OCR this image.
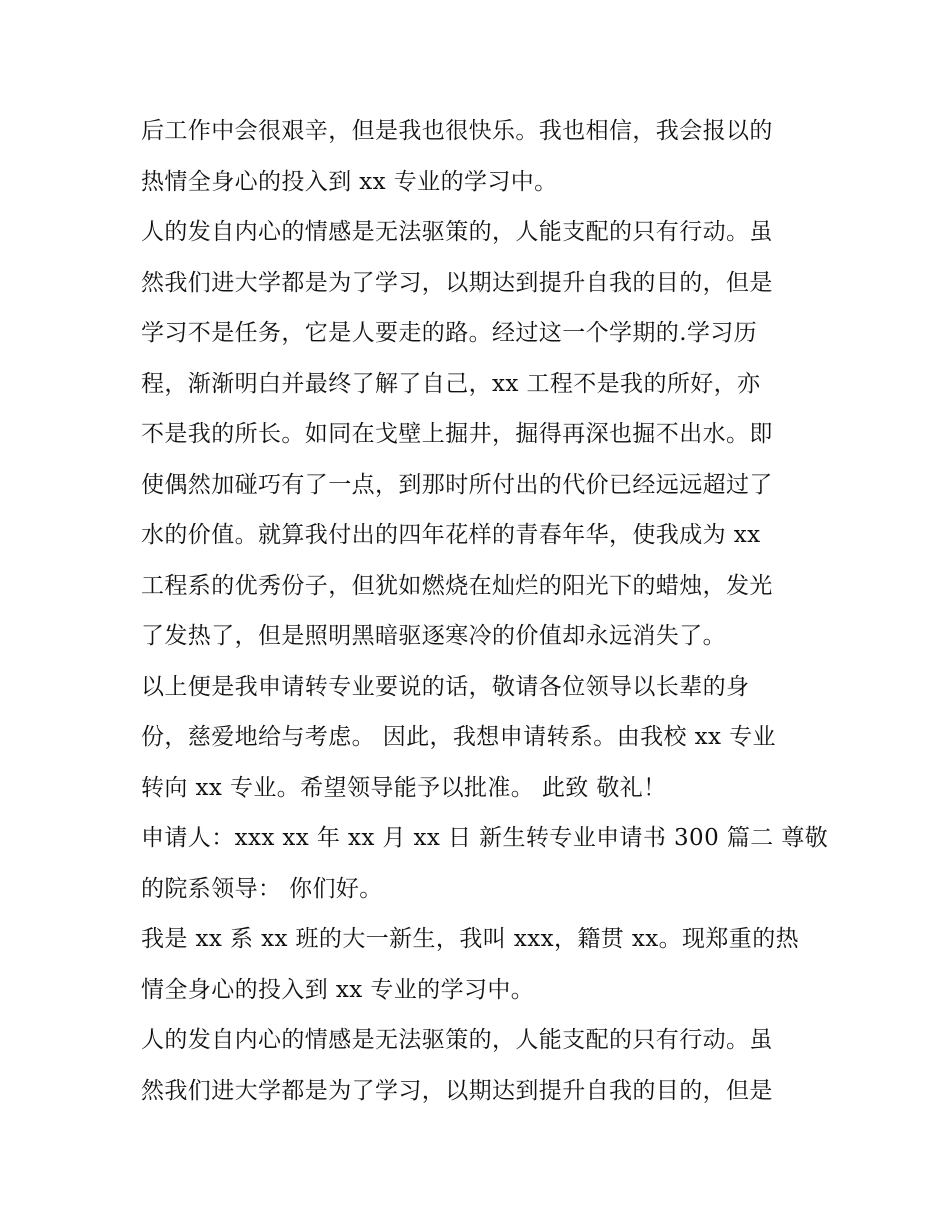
后工作中会很艰辛，但是我也很快乐。我也相信，我会报以的
热情全身心的投入到 xx 专业的学习中。
人的发自内心的情感是无法驱策的，人能支配的只有行动。虽
然我们进大学都是为了学习，以期达到提升自我的目的，但是
学习不是任务，它是人要走的路。经过这一个学期的.学习历
程，渐渐明白并最终了解了自己，xx 工程不是我的所好，亦
不是我的所长。如同在戈壁上掘井，掘得再深也掘不出水。即
使偶然加碰巧有了一点，到那时所付出的代价已经远远超过了
水的价值。就算我付出的四年花样的青春年华，使我成为 xx
工程系的优秀份子，但犹如燃烧在灿烂的阳光下的蜡烛，发光
了发热了，但是照明黑暗驱逐寒冷的价值却永远消失了。
以上便是我申请转专业要说的话，敬请各位领导以长辈的身
份，慈爱地给与考虑。 因此，我想申请转系。由我校 xx 专业
转向 xx 专业。希望领导能予以批准。 此致 敬礼！
申请人：xxx xx 年 xx 月 xx 日 新生转专业申请书 300 篇二 尊敬
的院系领导： 你们好。
我是 xx 系 xx 班的大一新生，我叫 xxx，籍贯 xx。现郑重的热
情全身心的投入到 xx 专业的学习中。
人的发自内心的情感是无法驱策的，人能支配的只有行动。虽
然我们进大学都是为了学习，以期达到提升自我的目的，但是
